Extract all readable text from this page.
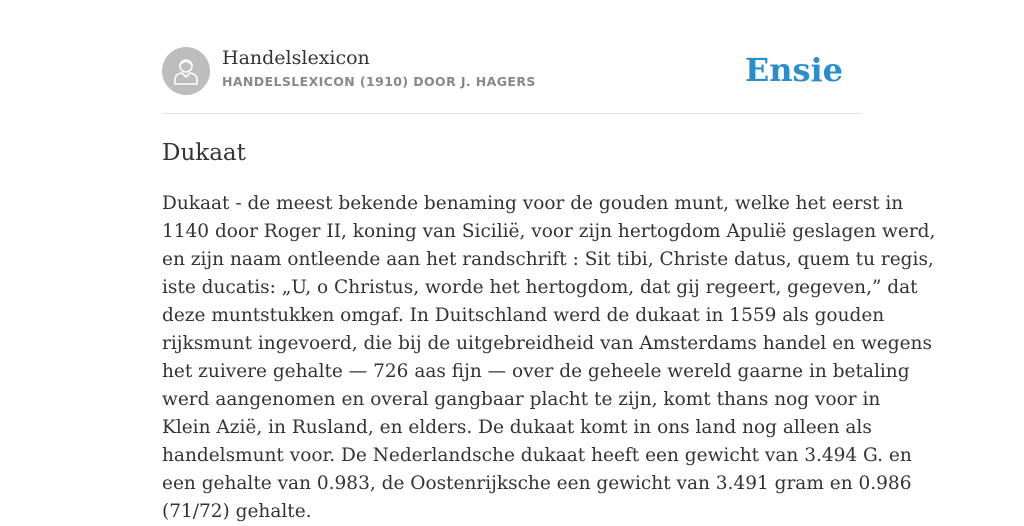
Handelslexicon
HANDELSLEXICON (1910) DOOR J. HAGERS	Ensie
Dukaat
Dukaat - de meest bekende benaming voor de gouden munt, welke het eerst in
1140 door Roger II, koning van Sicilië, voor zijn hertogdom Apulië geslagen werd,
en zijn naam ontleende aan het randschrift : Sit tibi, Christe datus, quem tu regis,
iste ducatis: „U, o Christus, worde het hertogdom, dat gij regeert, gegeven,” dat
deze muntstukken omgaf. In Duitschland werd de dukaat in 1559 als gouden
rijksmunt ingevoerd, die bij de uitgebreidheid van Amsterdams handel en wegens
het zuivere gehalte — 726 aas fijn — over de geheele wereld gaarne in betaling
werd aangenomen en overal gangbaar placht te zijn, komt thans nog voor in
Klein Azië, in Rusland, en elders. De dukaat komt in ons land nog alleen als
handelsmunt voor. De Nederlandsche dukaat heeft een gewicht van 3.494 G. en
een gehalte van 0.983, de Oostenrijksche een gewicht van 3.491 gram en 0.986
(71/72) gehalte.
